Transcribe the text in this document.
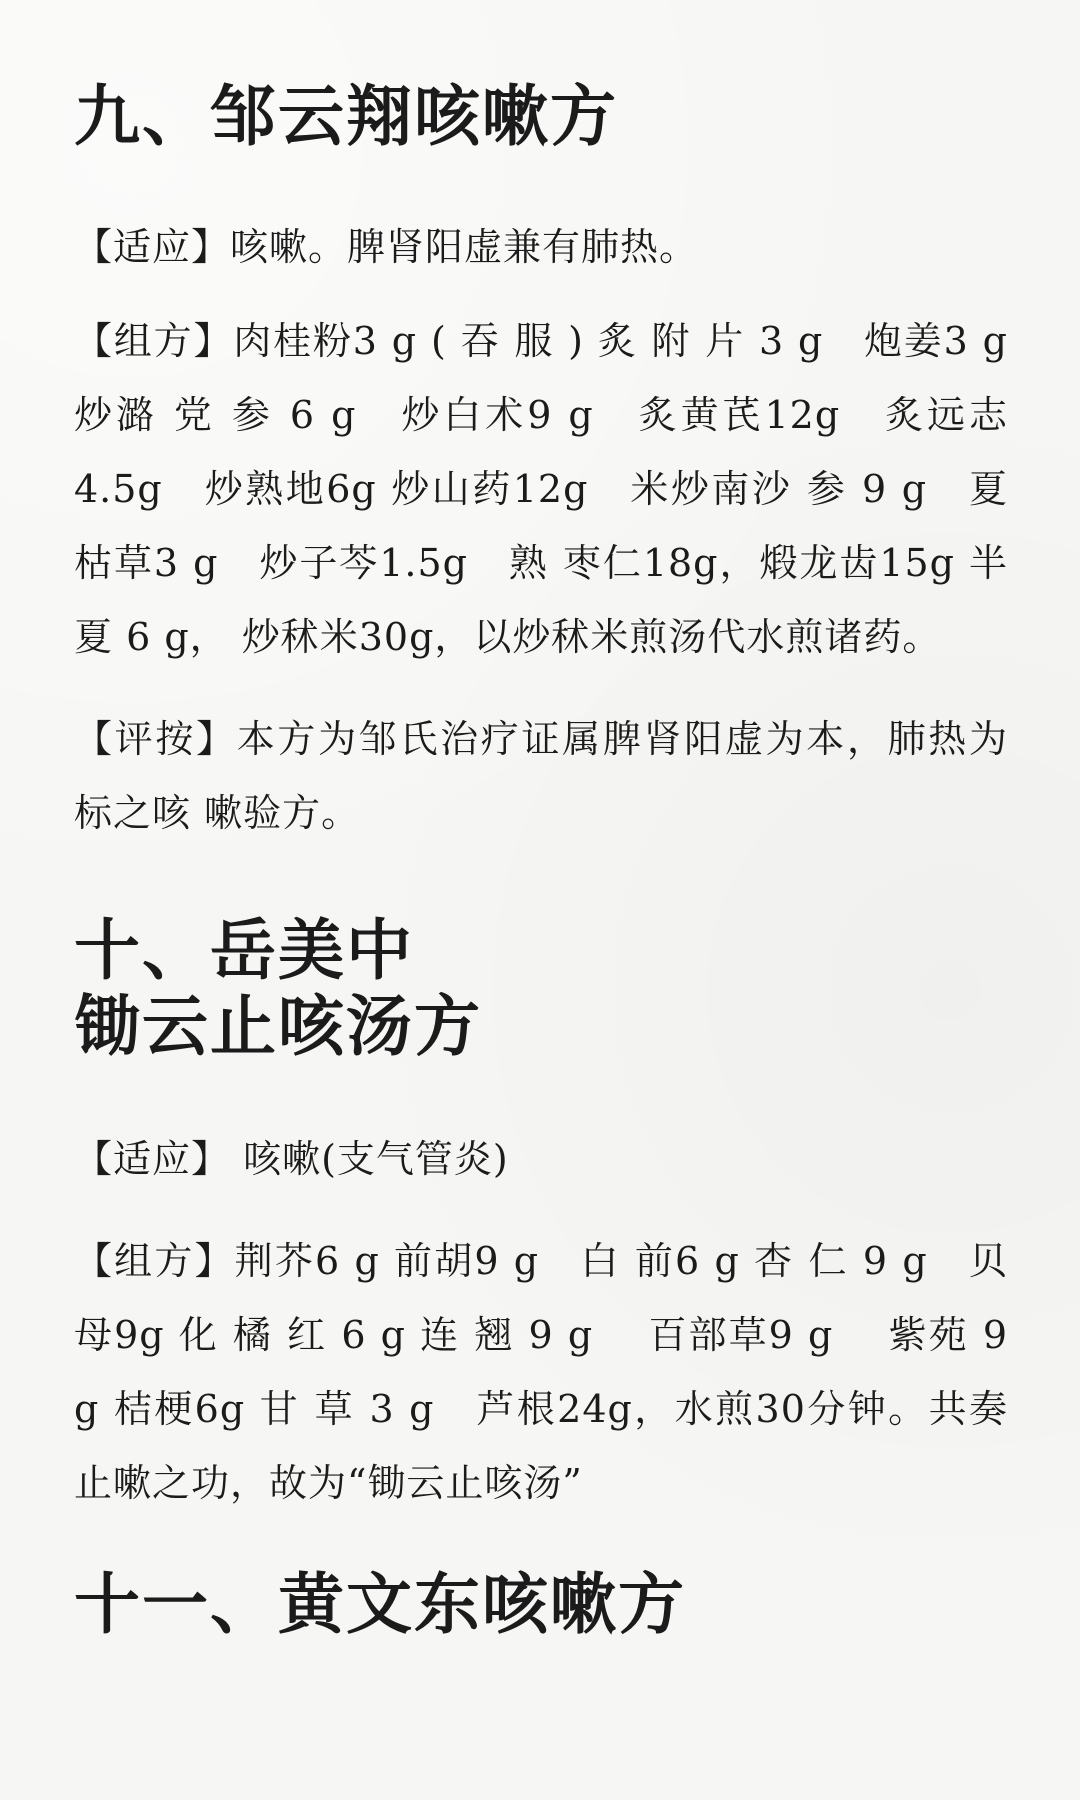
九、邹云翔咳嗽方

【适应】咳嗽。脾肾阳虚兼有肺热。

【组方】肉桂粉3 g ( 吞 服 ) 炙 附 片 3 g　炮姜3 g 炒潞 党 参 6 g　炒白术9 g　炙黄芪12g　炙远志4.5g　炒熟地6g 炒山药12g　米炒南沙 参 9 g　夏枯草3 g　炒子芩1.5g　熟 枣仁18g，煅龙齿15g 半 夏 6 g， 炒秫米30g，以炒秫米煎汤代水煎诸药。

【评按】本方为邹氏治疗证属脾肾阳虚为本，肺热为标之咳 嗽验方。

十、岳美中
锄云止咳汤方

【适应】 咳嗽(支气管炎)

【组方】荆芥6 g 前胡9 g　白 前6 g 杏 仁 9 g　贝母9g 化 橘 红 6 g 连 翘 9 g　 百部草9 g　 紫苑 9 g 桔梗6g 甘 草 3 g　芦根24g，水煎30分钟。共奏止嗽之功，故为“锄云止咳汤”

十一、黄文东咳嗽方
